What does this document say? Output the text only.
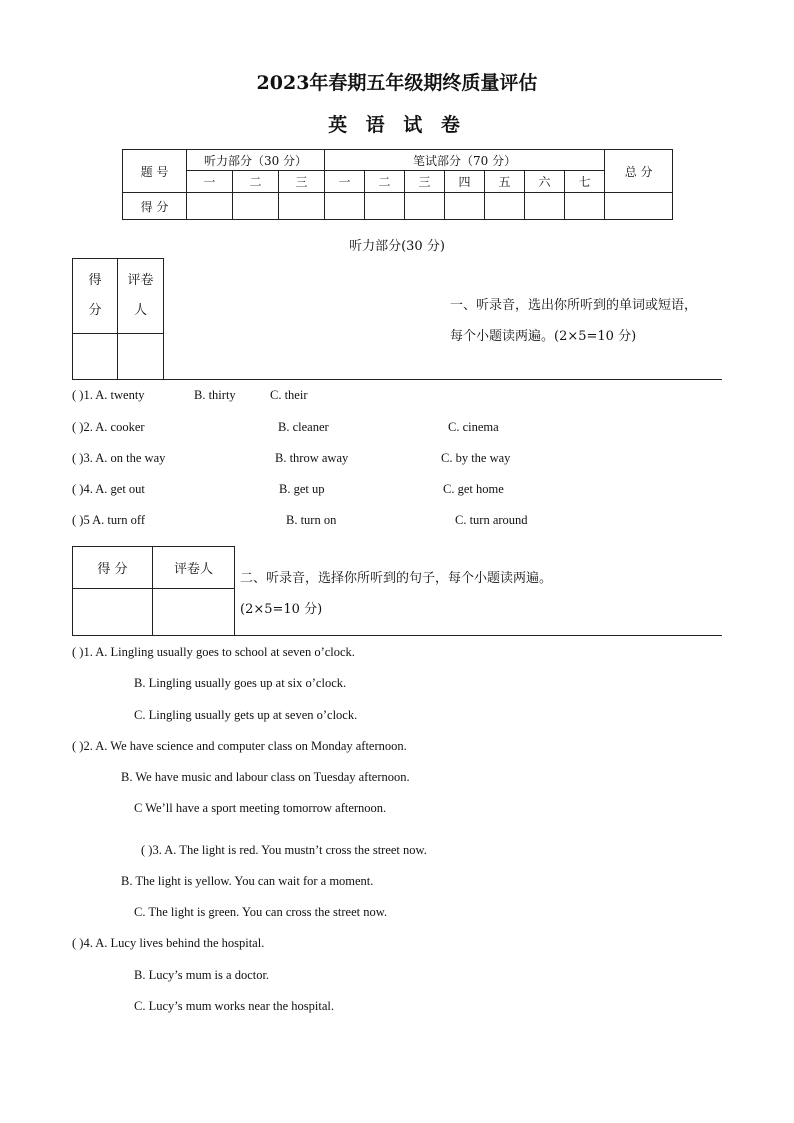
2023年春期五年级期终质量评估
英 语 试 卷
题 号	听力部分（30 分）			笔试部分（70 分）							总 分
	一	二	三	一	二	三	四	五	六	七	
得 分											
听力部分(30 分)
得分	评卷人

		一、听录音，选出你所听到的单词或短语，
每个小题读两遍。(2×5=10 分)
( )1. A. twenty	B. thirty	C. their
( )2. A. cooker	B. cleaner	C. cinema
( )3. A. on the way	B. throw away	C. by the way
( )4. A. get out	B. get up	C. get home
( )5 A. turn off	B. turn on	C. turn around
得 分	评卷人

二、听录音，选择你所听到的句子，每个小题读两遍。
(2×5=10 分)
( )1. A. Lingling usually goes to school at seven o’clock.
B. Lingling usually goes up at six o’clock.
C. Lingling usually gets up at seven o’clock.
( )2. A. We have science and computer class on Monday afternoon.
B. We have music and labour class on Tuesday afternoon.
C We’ll have a sport meeting tomorrow afternoon.
( )3. A. The light is red. You mustn’t cross the street now.
B. The light is yellow. You can wait for a moment.
C. The light is green. You can cross the street now.
( )4. A. Lucy lives behind the hospital.
B. Lucy’s mum is a doctor.
C. Lucy’s mum works near the hospital.
